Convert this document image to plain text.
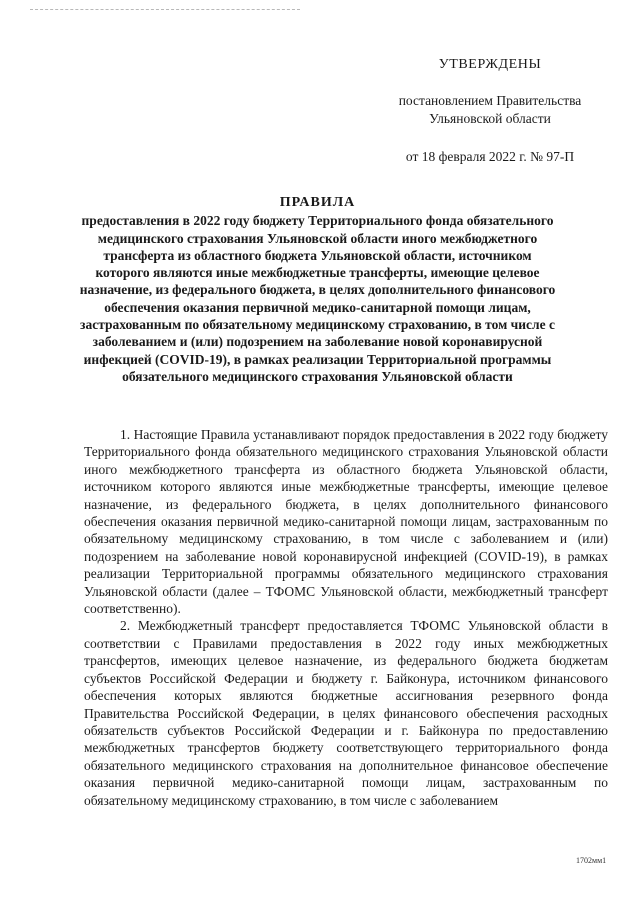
УТВЕРЖДЕНЫ
постановлением Правительства
Ульяновской области
от 18 февраля 2022 г. № 97-П
ПРАВИЛА
предоставления в 2022 году бюджету Территориального фонда обязательного медицинского страхования Ульяновской области иного межбюджетного трансферта из областного бюджета Ульяновской области, источником которого являются иные межбюджетные трансферты, имеющие целевое назначение, из федерального бюджета, в целях дополнительного финансового обеспечения оказания первичной медико-санитарной помощи лицам, застрахованным по обязательному медицинскому страхованию, в том числе с заболеванием и (или) подозрением на заболевание новой коронавирусной инфекцией (COVID-19), в рамках реализации Территориальной программы обязательного медицинского страхования Ульяновской области

1. Настоящие Правила устанавливают порядок предоставления в 2022 году бюджету Территориального фонда обязательного медицинского страхования Ульяновской области иного межбюджетного трансферта из областного бюджета Ульяновской области, источником которого являются иные межбюджетные трансферты, имеющие целевое назначение, из федерального бюджета, в целях дополнительного финансового обеспечения оказания первичной медико-санитарной помощи лицам, застрахованным по обязательному медицинскому страхованию, в том числе с заболеванием и (или) подозрением на заболевание новой коронавирусной инфекцией (COVID-19), в рамках реализации Территориальной программы обязательного медицинского страхования Ульяновской области (далее – ТФОМС Ульяновской области, межбюджетный трансферт соответственно).

2. Межбюджетный трансферт предоставляется ТФОМС Ульяновской области в соответствии с Правилами предоставления в 2022 году иных межбюджетных трансфертов, имеющих целевое назначение, из федерального бюджета бюджетам субъектов Российской Федерации и бюджету г. Байконура, источником финансового обеспечения которых являются бюджетные ассигнования резервного фонда Правительства Российской Федерации, в целях финансового обеспечения расходных обязательств субъектов Российской Федерации и г. Байконура по предоставлению межбюджетных трансфертов бюджету соответствующего территориального фонда обязательного медицинского страхования на дополнительное финансовое обеспечение оказания первичной медико-санитарной помощи лицам, застрахованным по обязательному медицинскому страхованию, в том числе с заболеванием

1702мм1
